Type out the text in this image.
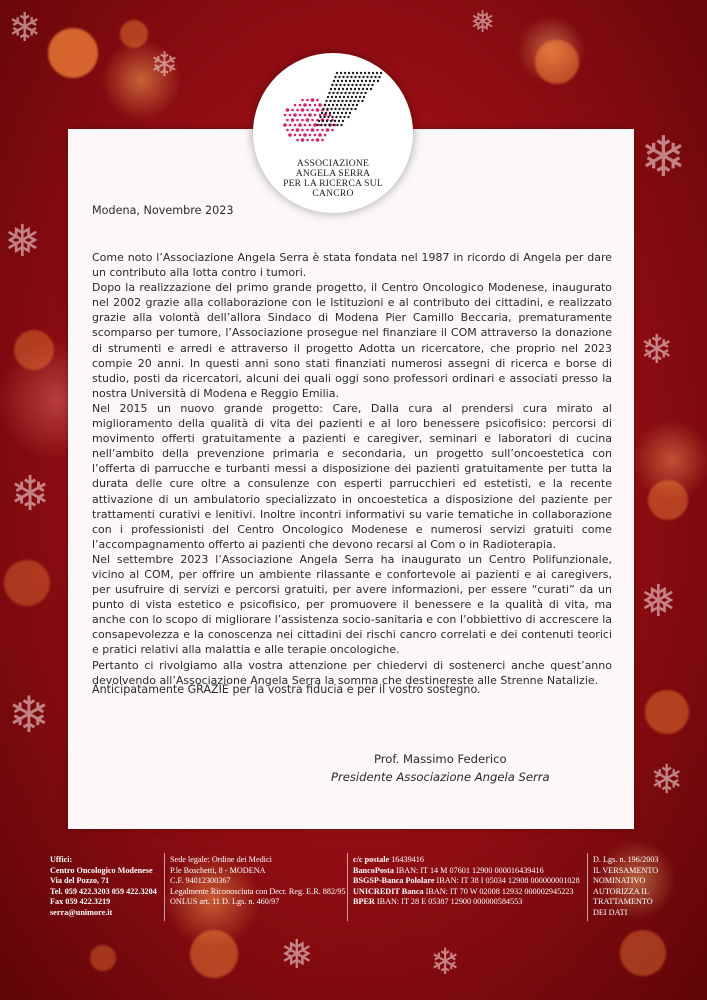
❄
❄
❅
❄
❅
❄
❄
❅
❄
❄
❅	❄
ASSOCIAZIONE
ANGELA SERRA
PER LA RICERCA SUL
CANCRO
Modena, Novembre 2023

Come noto l’Associazione Angela Serra è stata fondata nel 1987 in ricordo di Angela per dare un contributo alla lotta contro i tumori.

Dopo la realizzazione del primo grande progetto, il Centro Oncologico Modenese, inaugurato nel 2002 grazie alla collaborazione con le Istituzioni e al contributo dei cittadini, e realizzato grazie alla volontà dell’allora Sindaco di Modena Pier Camillo Beccaria, prematuramente scomparso per tumore, l’Associazione prosegue nel finanziare il COM attraverso la donazione di strumenti e arredi e attraverso il progetto Adotta un ricercatore, che proprio nel 2023 compie 20 anni. In questi anni sono stati finanziati numerosi assegni di ricerca e borse di studio, posti da ricercatori, alcuni dei quali oggi sono professori ordinari e associati presso la nostra Università di Modena e Reggio Emilia.

Nel 2015 un nuovo grande progetto: Care, Dalla cura al prendersi cura mirato al miglioramento della qualità di vita dei pazienti e al loro benessere psicofisico: percorsi di movimento offerti gratuitamente a pazienti e caregiver, seminari e laboratori di cucina nell’ambito della prevenzione primaria e secondaria, un progetto sull’oncoestetica con l’offerta di parrucche e turbanti messi a disposizione dei pazienti gratuitamente per tutta la durata delle cure oltre a consulenze con esperti parrucchieri ed estetisti, e la recente attivazione di un ambulatorio specializzato in oncoestetica a disposizione del paziente per trattamenti curativi e lenitivi. Inoltre incontri informativi su varie tematiche in collaborazione con i professionisti del Centro Oncologico Modenese e numerosi servizi gratuiti come l’accompagnamento offerto ai pazienti che devono recarsi al Com o in Radioterapia.

Nel settembre 2023 l’Associazione Angela Serra ha inaugurato un Centro Polifunzionale, vicino al COM, per offrire un ambiente rilassante e confortevole ai pazienti e ai caregivers, per usufruire di servizi e percorsi gratuiti, per avere informazioni, per essere “curati” da un punto di vista estetico e psicofisico, per promuovere il benessere e la qualità di vita, ma anche con lo scopo di migliorare l’assistenza socio-sanitaria e con l’obbiettivo di accrescere la consapevolezza e la conoscenza nei cittadini dei rischi cancro correlati e dei contenuti teorici e pratici relativi alla malattia e alle terapie oncologiche.

Pertanto ci rivolgiamo alla vostra attenzione per chiedervi di sostenerci anche quest’anno devolvendo all’Associazione Angela Serra la somma che destinereste alle Strenne Natalizie.

Anticipatamente GRAZIE per la vostra fiducia e per il vostro sostegno.
Prof. Massimo Federico
Presidente Associazione Angela Serra
Uffici:
Centro Oncologico Modenese
Via del Pozzo, 71
Tel. 059 422.3203 059 422.3204
Fax 059 422.3219
serra@unimore.it
Sede legale: Ordine dei Medici
P.le Boschetti, 8 - MODENA
C.F. 94012300367
Legalmente Riconosciuta con Decr. Reg. E.R. 882/95
ONLUS art. 11 D. Lgs. n. 460/97
c/c postale 16439416
BancoPosta IBAN: IT 14 M 07601 12900 000016439416
BSGSP-Banca Pololare IBAN: IT 38 I 05034 12908 000000001028
UNICREDIT Banca IBAN: IT 70 W 02008 12932 000002945223
BPER IBAN: IT 28 E 05387 12900 000000584553
D. Lgs. n. 196/2003
IL VERSAMENTO
NOMINATIVO
AUTORIZZA IL
TRATTAMENTO
DEI DATI
